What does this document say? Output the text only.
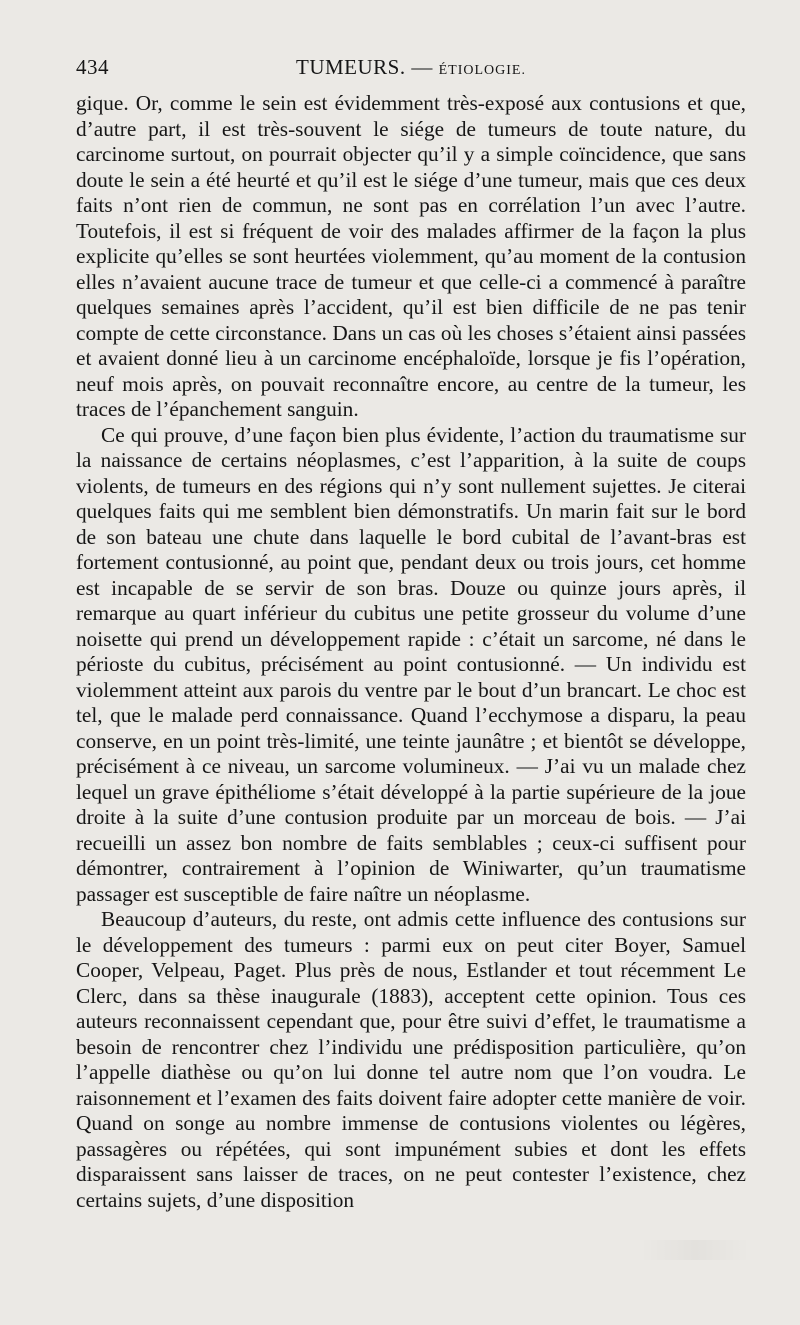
434	TUMEURS. — ÉTIOLOGIE.

gique. Or, comme le sein est évidemment très-exposé aux contusions et que, d’autre part, il est très-souvent le siége de tumeurs de toute nature, du carcinome surtout, on pourrait objecter qu’il y a simple coïncidence, que sans doute le sein a été heurté et qu’il est le siége d’une tumeur, mais que ces deux faits n’ont rien de commun, ne sont pas en corrélation l’un avec l’autre. Toutefois, il est si fréquent de voir des malades affirmer de la façon la plus explicite qu’elles se sont heurtées violemment, qu’au moment de la contusion elles n’avaient aucune trace de tumeur et que celle-ci a commencé à paraître quelques semaines après l’accident, qu’il est bien difficile de ne pas tenir compte de cette circonstance. Dans un cas où les choses s’étaient ainsi passées et avaient donné lieu à un carcinome encéphaloïde, lorsque je fis l’opération, neuf mois après, on pouvait reconnaître encore, au centre de la tumeur, les traces de l’épanchement sanguin.

Ce qui prouve, d’une façon bien plus évidente, l’action du traumatisme sur la naissance de certains néoplasmes, c’est l’apparition, à la suite de coups violents, de tumeurs en des régions qui n’y sont nullement sujettes. Je citerai quelques faits qui me semblent bien démonstratifs. Un marin fait sur le bord de son bateau une chute dans laquelle le bord cubital de l’avant-bras est fortement contusionné, au point que, pendant deux ou trois jours, cet homme est incapable de se servir de son bras. Douze ou quinze jours après, il remarque au quart inférieur du cubitus une petite grosseur du volume d’une noisette qui prend un développement rapide : c’était un sarcome, né dans le périoste du cubitus, précisément au point contusionné. — Un individu est violemment atteint aux parois du ventre par le bout d’un brancart. Le choc est tel, que le malade perd connaissance. Quand l’ecchymose a disparu, la peau conserve, en un point très-limité, une teinte jaunâtre ; et bientôt se développe, précisément à ce niveau, un sarcome volumineux. — J’ai vu un malade chez lequel un grave épithéliome s’était développé à la partie supérieure de la joue droite à la suite d’une contusion produite par un morceau de bois. — J’ai recueilli un assez bon nombre de faits semblables ; ceux-ci suffisent pour démontrer, contrairement à l’opinion de Winiwarter, qu’un traumatisme passager est susceptible de faire naître un néoplasme.

Beaucoup d’auteurs, du reste, ont admis cette influence des contusions sur le développement des tumeurs : parmi eux on peut citer Boyer, Samuel Cooper, Velpeau, Paget. Plus près de nous, Estlander et tout récemment Le Clerc, dans sa thèse inaugurale (1883), acceptent cette opinion. Tous ces auteurs reconnaissent cependant que, pour être suivi d’effet, le traumatisme a besoin de rencontrer chez l’individu une prédisposition particulière, qu’on l’appelle diathèse ou qu’on lui donne tel autre nom que l’on voudra. Le raisonnement et l’examen des faits doivent faire adopter cette manière de voir. Quand on songe au nombre immense de contusions violentes ou légères, passagères ou répétées, qui sont impunément subies et dont les effets disparaissent sans laisser de traces, on ne peut contester l’existence, chez certains sujets, d’une disposition
